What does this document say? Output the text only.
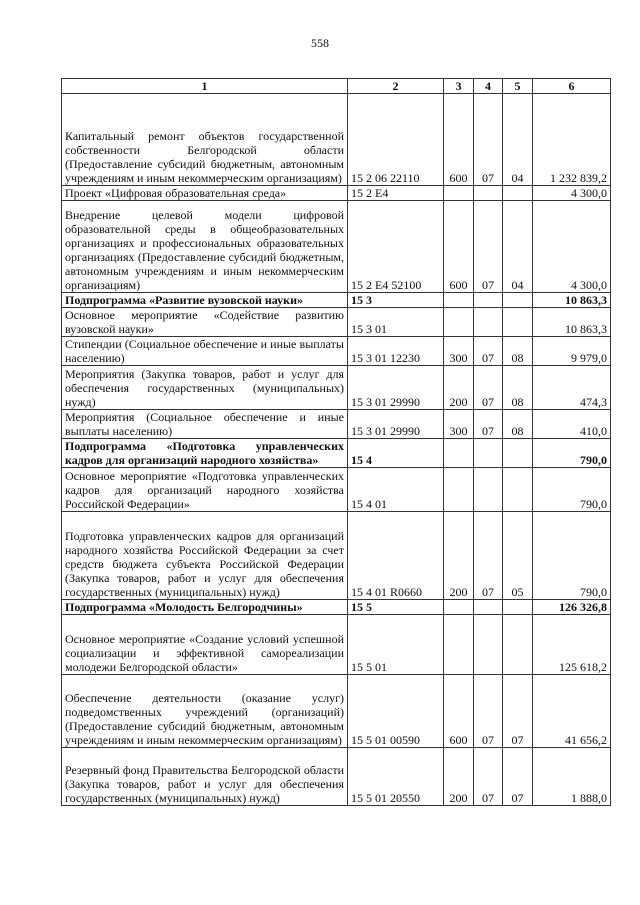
558
1	2	3	4	5	6
Капитальный ремонт объектов государственной собственности Белгородской области (Предоставление субсидий бюджетным, автономным учреждениям и иным некоммерческим организациям)	15 2 06 22110	600	07	04	1 232 839,2
Проект «Цифровая образовательная среда»	15 2 Е4				4 300,0
Внедрение целевой модели цифровой образовательной среды в общеобразовательных организациях и профессиональных образовательных организациях (Предоставление субсидий бюджетным, автономным учреждениям и иным некоммерческим организациям)	15 2 Е4 52100	600	07	04	4 300,0
Подпрограмма «Развитие вузовской науки»	15 3				10 863,3
Основное мероприятие «Содействие развитию вузовской науки»	15 3 01				10 863,3
Стипендии (Социальное обеспечение и иные выплаты населению)	15 3 01 12230	300	07	08	9 979,0
Мероприятия (Закупка товаров, работ и услуг для обеспечения государственных (муниципальных) нужд)	15 3 01 29990	200	07	08	474,3
Мероприятия (Социальное обеспечение и иные выплаты населению)	15 3 01 29990	300	07	08	410,0
Подпрограмма «Подготовка управленческих кадров для организаций народного хозяйства»	15 4				790,0
Основное мероприятие «Подготовка управленческих кадров для организаций народного хозяйства Российской Федерации»	15 4 01				790,0
Подготовка управленческих кадров для организаций народного хозяйства Российской Федерации за счет средств бюджета субъекта Российской Федерации (Закупка товаров, работ и услуг для обеспечения государственных (муниципальных) нужд)	15 4 01 R0660	200	07	05	790,0
Подпрограмма «Молодость Белгородчины»	15 5				126 326,8
Основное мероприятие «Создание условий успешной социализации и эффективной самореализации молодежи Белгородской области»	15 5 01				125 618,2
Обеспечение деятельности (оказание услуг) подведомственных учреждений (организаций) (Предоставление субсидий бюджетным, автономным учреждениям и иным некоммерческим организациям)	15 5 01 00590	600	07	07	41 656,2
Резервный фонд Правительства Белгородской области (Закупка товаров, работ и услуг для обеспечения государственных (муниципальных) нужд)	15 5 01 20550	200	07	07	1 888,0
